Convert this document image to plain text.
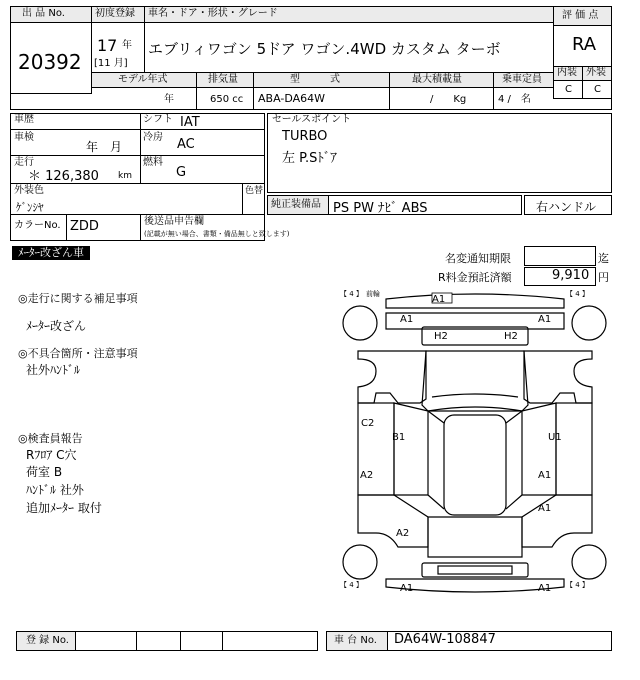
出 品 No.
20392
初度登録
17 年
[11 月]
車名・ドア・形状・グレード
エブリィワゴン 5ドア ワゴン.4WD カスタム ターボ
評 価 点
RA
内装 外装
C C
モデル年式	排気量	型　　　式	最大積載量	乗車定員
年	650 cc ABA-DA64W	/　　Kg	4 /　名
車歴	シフト IAT
車検
年　月
冷房 AC
走行
＊ 126,380 km
燃料
G
外装色
ｹﾞﾝｼﾔ
色替
カラーNo. ZDD	後送品申告欄
(記載が無い場合、書類・備品無しと致します)
セールスポイント
TURBO
左 P.Sﾄﾞｱ
純正装備品 PS PW ﾅﾋﾞ ABS	右ハンドル
ﾒｰﾀｰ改ざん車	名変通知期限	迄
R料金預託済額	9,910 円
◎走行に関する補足事項
ﾒｰﾀｰ改ざん
◎不具合箇所・注意事項
社外ﾊﾝﾄﾞﾙ
◎検査員報告
Rﾌﾛｱ C穴
荷室 B
ﾊﾝﾄﾞﾙ 社外
追加ﾒｰﾀｰ 取付
【 4 】	【 4 】
【 4 】	【 4 】
前輪	A1
A1	A1
H2	H2
C2
B1
A2
A2
U1
A1
A1
A1	A1
登 録 No.	車 台 No. DA64W-108847
